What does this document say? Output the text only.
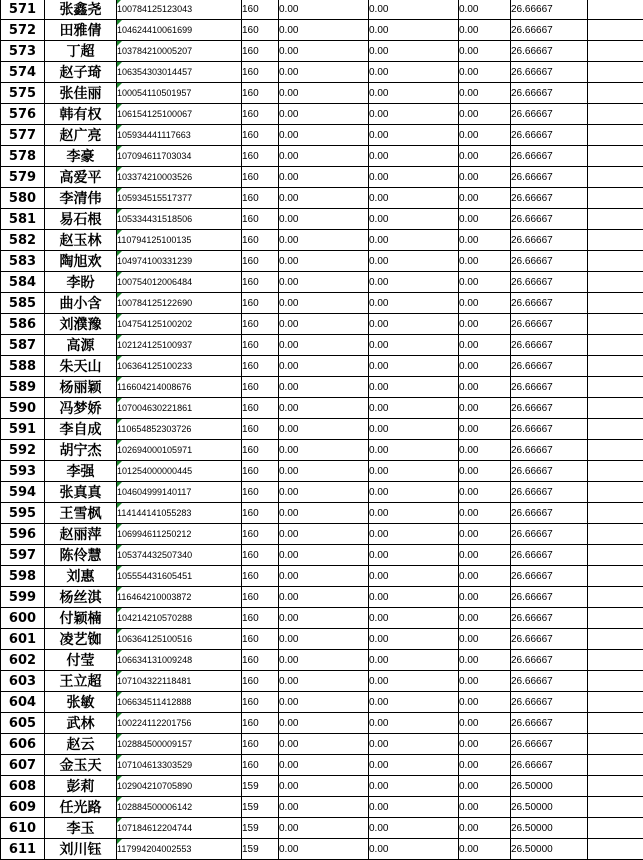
571	张鑫尧	100784125123043	160	0.00	0.00	0.00	26.66667	
572	田雅倩	104624410061699	160	0.00	0.00	0.00	26.66667	
573	丁超	103784210005207	160	0.00	0.00	0.00	26.66667	
574	赵子琦	106354303014457	160	0.00	0.00	0.00	26.66667	
575	张佳丽	100054110501957	160	0.00	0.00	0.00	26.66667	
576	韩有权	106154125100067	160	0.00	0.00	0.00	26.66667	
577	赵广亮	105934441117663	160	0.00	0.00	0.00	26.66667	
578	李豪	107094611703034	160	0.00	0.00	0.00	26.66667	
579	高爱平	103374210003526	160	0.00	0.00	0.00	26.66667	
580	李清伟	105934515517377	160	0.00	0.00	0.00	26.66667	
581	易石根	105334431518506	160	0.00	0.00	0.00	26.66667	
582	赵玉林	110794125100135	160	0.00	0.00	0.00	26.66667	
583	陶旭欢	104974100331239	160	0.00	0.00	0.00	26.66667	
584	李盼	100754012006484	160	0.00	0.00	0.00	26.66667	
585	曲小含	100784125122690	160	0.00	0.00	0.00	26.66667	
586	刘濮豫	104754125100202	160	0.00	0.00	0.00	26.66667	
587	高源	102124125100937	160	0.00	0.00	0.00	26.66667	
588	朱天山	106364125100233	160	0.00	0.00	0.00	26.66667	
589	杨丽颖	116604214008676	160	0.00	0.00	0.00	26.66667	
590	冯梦娇	107004630221861	160	0.00	0.00	0.00	26.66667	
591	李自成	110654852303726	160	0.00	0.00	0.00	26.66667	
592	胡宁杰	102694000105971	160	0.00	0.00	0.00	26.66667	
593	李强	101254000000445	160	0.00	0.00	0.00	26.66667	
594	张真真	104604999140117	160	0.00	0.00	0.00	26.66667	
595	王雪枫	114144141055283	160	0.00	0.00	0.00	26.66667	
596	赵丽萍	106994611250212	160	0.00	0.00	0.00	26.66667	
597	陈伶慧	105374432507340	160	0.00	0.00	0.00	26.66667	
598	刘惠	105554431605451	160	0.00	0.00	0.00	26.66667	
599	杨丝淇	116464210003872	160	0.00	0.00	0.00	26.66667	
600	付颖楠	104214210570288	160	0.00	0.00	0.00	26.66667	
601	凌艺铷	106364125100516	160	0.00	0.00	0.00	26.66667	
602	付莹	106634131009248	160	0.00	0.00	0.00	26.66667	
603	王立超	107104322118481	160	0.00	0.00	0.00	26.66667	
604	张敏	106634511412888	160	0.00	0.00	0.00	26.66667	
605	武林	100224112201756	160	0.00	0.00	0.00	26.66667	
606	赵云	102884500009157	160	0.00	0.00	0.00	26.66667	
607	金玉天	107104613303529	160	0.00	0.00	0.00	26.66667	
608	彭莉	102904210705890	159	0.00	0.00	0.00	26.50000	
609	任光路	102884500006142	159	0.00	0.00	0.00	26.50000	
610	李玉	107184612204744	159	0.00	0.00	0.00	26.50000	
611	刘川钰	117994204002553	159	0.00	0.00	0.00	26.50000	
